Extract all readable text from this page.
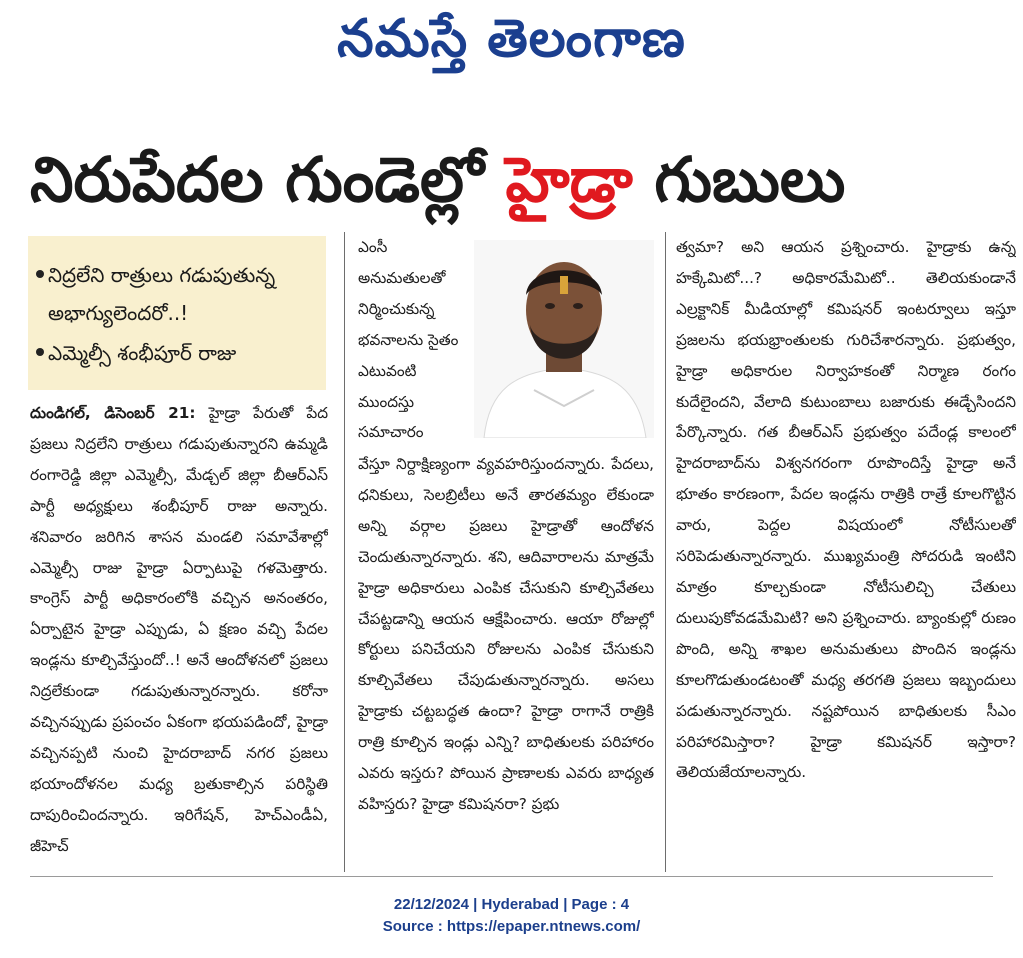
నమస్తే తెలంగాణ
నిరుపేదల గుండెల్లో హైడ్రా గుబులు
నిద్రలేని రాత్రులు గడుపుతున్న అభాగ్యులెందరో..!
ఎమ్మెల్సీ శంభీపూర్‌ రాజు

దుండిగల్‌, డిసెంబర్‌ 21: హైడ్రా పేరుతో పేద ప్రజలు నిద్రలేని రాత్రులు గడుపుతున్నారని ఉమ్మడి రంగారెడ్డి జిల్లా ఎమ్మెల్సీ, మేడ్చల్‌ జిల్లా బీఆర్‌ఎస్‌ పార్టీ అధ్యక్షులు శంభీపూర్‌ రాజు అన్నారు. శనివారం జరిగిన శాసన మండలి సమావేశాల్లో ఎమ్మెల్సీ రాజు హైడ్రా ఏర్పాటుపై గళమెత్తారు. కాంగ్రెస్‌ పార్టీ అధికారంలోకి వచ్చిన అనంతరం, ఏర్పాటైన హైడ్రా ఎప్పుడు, ఏ క్షణం వచ్చి పేదల ఇండ్లను కూల్చివేస్తుందో..! అనే ఆందోళనలో ప్రజలు నిద్రలేకుండా గడుపుతున్నారన్నారు. కరోనా వచ్చినప్పుడు ప్రపంచం ఏకంగా భయపడిందో, హైడ్రా వచ్చినప్పటి నుంచి హైదరాబాద్‌ నగర ప్రజలు భయాందోళనల మధ్య బ్రతుకాల్సిన పరిస్థితి దాపురించిందన్నారు. ఇరిగేషన్‌, హెచ్‌ఎండీఏ, జీహెచ్‌

ఎంసీ అనుమతులతో నిర్మించుకున్న భవనాలను సైతం ఎటువంటి ముందస్తు సమాచారం

వేస్తూ నిర్దాక్షిణ్యంగా వ్యవహరిస్తుందన్నారు. పేదలు, ధనికులు, సెలబ్రిటీలు అనే తారతమ్యం లేకుండా అన్ని వర్గాల ప్రజలు హైడ్రాతో ఆందోళన చెందుతున్నారన్నారు. శని, ఆదివారాలను మాత్రమే హైడ్రా అధికారులు ఎంపిక చేసుకుని కూల్చివేతలు చేపట్టడాన్ని ఆయన ఆక్షేపించారు. ఆయా రోజుల్లో కోర్టులు పనిచేయని రోజులను ఎంపిక చేసుకుని కూల్చివేతలు చేపుడుతున్నారన్నారు. అసలు హైడ్రాకు చట్టబద్ధత ఉందా? హైడ్రా రాగానే రాత్రికి రాత్రి కూల్చిన ఇండ్లు ఎన్ని? బాధితులకు పరిహారం ఎవరు ఇస్తరు? పోయిన ప్రాణాలకు ఎవరు బాధ్యత వహిస్తరు? హైడ్రా కమిషనరా? ప్రభు

త్వమా? అని ఆయన ప్రశ్నించారు. హైడ్రాకు ఉన్న హక్కేమిటో...? అధికారమేమిటో.. తెలియకుండానే ఎల్రక్టానిక్‌ మీడియాల్లో కమిషనర్‌ ఇంటర్వూలు ఇస్తూ ప్రజలను భయభ్రాంతులకు గురిచేశారన్నారు. ప్రభుత్వం, హైడ్రా అధికారుల నిర్వాహకంతో నిర్మాణ రంగం కుదేలైందని, వేలాది కుటుంబాలు బజారుకు ఈడ్చేసిందని పేర్కొన్నారు. గత బీఆర్‌ఎస్‌ ప్రభుత్వం పదేండ్ల కాలంలో హైదరాబాద్‌ను విశ్వనగరంగా రూపొందిస్తే హైడ్రా అనే భూతం కారణంగా, పేదల ఇండ్లను రాత్రికి రాత్రే కూలగొట్టిన వారు, పెద్దల విషయంలో నోటీసులతో సరిపెడుతున్నారన్నారు. ముఖ్యమంత్రి సోదరుడి ఇంటిని మాత్రం కూల్చకుండా నోటీసులిచ్చి చేతులు దులుపుకోవడమేమిటి? అని ప్రశ్నించారు. బ్యాంకుల్లో రుణం పొంది, అన్ని శాఖల అనుమతులు పొందిన ఇండ్లను కూలగొడుతుండటంతో మధ్య తరగతి ప్రజలు ఇబ్బందులు పడుతున్నారన్నారు. నష్టపోయిన బాధితులకు సీఎం పరిహారమిస్తారా? హైడ్రా కమిషనర్‌ ఇస్తారా? తెలియజేయాలన్నారు.

22/12/2024 | Hyderabad | Page : 4
Source : https://epaper.ntnews.com/
